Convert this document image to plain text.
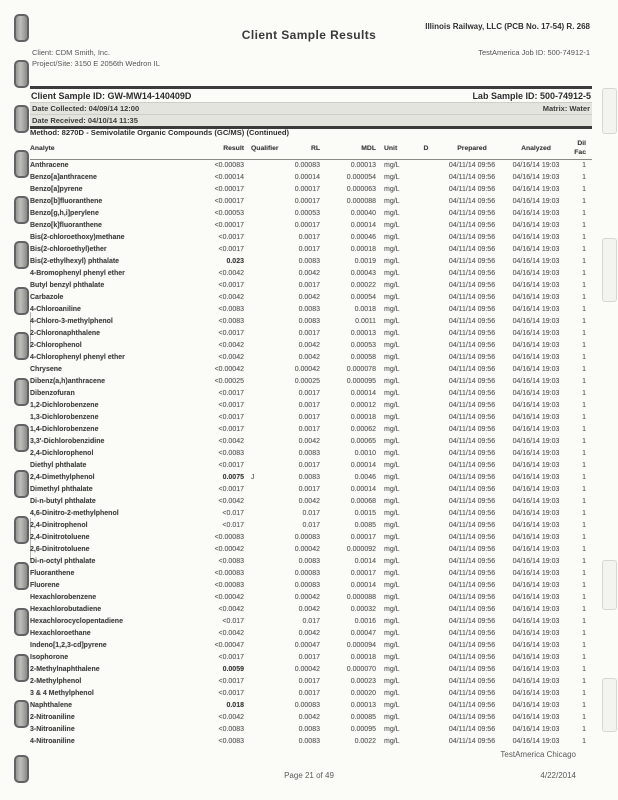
Illinois Railway, LLC (PCB No. 17-54) R. 268
Client Sample Results
Client: CDM Smith, Inc.	TestAmerica Job ID: 500-74912-1
Project/Site: 3150 E 2056th Wedron IL
Client Sample ID: GW-MW14-140409D	Lab Sample ID: 500-74912-5
Date Collected: 04/09/14 12:00	Matrix: Water
Date Received: 04/10/14 11:35
Method: 8270D - Semivolatile Organic Compounds (GC/MS) (Continued)
Analyte	Result	Qualifier	RL	MDL	Unit	D	Prepared	Analyzed	Dil Fac
Anthracene	<0.00083		0.00083	0.00013	mg/L		04/11/14 09:56	04/16/14 19:03	1
Benzo[a]anthracene	<0.00014		0.00014	0.000054	mg/L		04/11/14 09:56	04/16/14 19:03	1
Benzo[a]pyrene	<0.00017		0.00017	0.000063	mg/L		04/11/14 09:56	04/16/14 19:03	1
Benzo[b]fluoranthene	<0.00017		0.00017	0.000088	mg/L		04/11/14 09:56	04/16/14 19:03	1
Benzo[g,h,i]perylene	<0.00053		0.00053	0.00040	mg/L		04/11/14 09:56	04/16/14 19:03	1
Benzo[k]fluoranthene	<0.00017		0.00017	0.00014	mg/L		04/11/14 09:56	04/16/14 19:03	1
Bis(2-chloroethoxy)methane	<0.0017		0.0017	0.00046	mg/L		04/11/14 09:56	04/16/14 19:03	1
Bis(2-chloroethyl)ether	<0.0017		0.0017	0.00018	mg/L		04/11/14 09:56	04/16/14 19:03	1
Bis(2-ethylhexyl) phthalate	0.023		0.0083	0.0019	mg/L		04/11/14 09:56	04/16/14 19:03	1
4-Bromophenyl phenyl ether	<0.0042		0.0042	0.00043	mg/L		04/11/14 09:56	04/16/14 19:03	1
Butyl benzyl phthalate	<0.0017		0.0017	0.00022	mg/L		04/11/14 09:56	04/16/14 19:03	1
Carbazole	<0.0042		0.0042	0.00054	mg/L		04/11/14 09:56	04/16/14 19:03	1
4-Chloroaniline	<0.0083		0.0083	0.0018	mg/L		04/11/14 09:56	04/16/14 19:03	1
4-Chloro-3-methylphenol	<0.0083		0.0083	0.0011	mg/L		04/11/14 09:56	04/16/14 19:03	1
2-Chloronaphthalene	<0.0017		0.0017	0.00013	mg/L		04/11/14 09:56	04/16/14 19:03	1
2-Chlorophenol	<0.0042		0.0042	0.00053	mg/L		04/11/14 09:56	04/16/14 19:03	1
4-Chlorophenyl phenyl ether	<0.0042		0.0042	0.00058	mg/L		04/11/14 09:56	04/16/14 19:03	1
Chrysene	<0.00042		0.00042	0.000078	mg/L		04/11/14 09:56	04/16/14 19:03	1
Dibenz(a,h)anthracene	<0.00025		0.00025	0.000095	mg/L		04/11/14 09:56	04/16/14 19:03	1
Dibenzofuran	<0.0017		0.0017	0.00014	mg/L		04/11/14 09:56	04/16/14 19:03	1
1,2-Dichlorobenzene	<0.0017		0.0017	0.00012	mg/L		04/11/14 09:56	04/16/14 19:03	1
1,3-Dichlorobenzene	<0.0017		0.0017	0.00018	mg/L		04/11/14 09:56	04/16/14 19:03	1
1,4-Dichlorobenzene	<0.0017		0.0017	0.00062	mg/L		04/11/14 09:56	04/16/14 19:03	1
3,3'-Dichlorobenzidine	<0.0042		0.0042	0.00065	mg/L		04/11/14 09:56	04/16/14 19:03	1
2,4-Dichlorophenol	<0.0083		0.0083	0.0010	mg/L		04/11/14 09:56	04/16/14 19:03	1
Diethyl phthalate	<0.0017		0.0017	0.00014	mg/L		04/11/14 09:56	04/16/14 19:03	1
2,4-Dimethylphenol	0.0075	J	0.0083	0.0046	mg/L		04/11/14 09:56	04/16/14 19:03	1
Dimethyl phthalate	<0.0017		0.0017	0.00014	mg/L		04/11/14 09:56	04/16/14 19:03	1
Di-n-butyl phthalate	<0.0042		0.0042	0.00068	mg/L		04/11/14 09:56	04/16/14 19:03	1
4,6-Dinitro-2-methylphenol	<0.017		0.017	0.0015	mg/L		04/11/14 09:56	04/16/14 19:03	1
2,4-Dinitrophenol	<0.017		0.017	0.0085	mg/L		04/11/14 09:56	04/16/14 19:03	1
2,4-Dinitrotoluene	<0.00083		0.00083	0.00017	mg/L		04/11/14 09:56	04/16/14 19:03	1
2,6-Dinitrotoluene	<0.00042		0.00042	0.000092	mg/L		04/11/14 09:56	04/16/14 19:03	1
Di-n-octyl phthalate	<0.0083		0.0083	0.0014	mg/L		04/11/14 09:56	04/16/14 19:03	1
Fluoranthene	<0.00083		0.00083	0.00017	mg/L		04/11/14 09:56	04/16/14 19:03	1
Fluorene	<0.00083		0.00083	0.00014	mg/L		04/11/14 09:56	04/16/14 19:03	1
Hexachlorobenzene	<0.00042		0.00042	0.000088	mg/L		04/11/14 09:56	04/16/14 19:03	1
Hexachlorobutadiene	<0.0042		0.0042	0.00032	mg/L		04/11/14 09:56	04/16/14 19:03	1
Hexachlorocyclopentadiene	<0.017		0.017	0.0016	mg/L		04/11/14 09:56	04/16/14 19:03	1
Hexachloroethane	<0.0042		0.0042	0.00047	mg/L		04/11/14 09:56	04/16/14 19:03	1
Indeno[1,2,3-cd]pyrene	<0.00047		0.00047	0.000094	mg/L		04/11/14 09:56	04/16/14 19:03	1
Isophorone	<0.0017		0.0017	0.00018	mg/L		04/11/14 09:56	04/16/14 19:03	1
2-Methylnaphthalene	0.0059		0.00042	0.000070	mg/L		04/11/14 09:56	04/16/14 19:03	1
2-Methylphenol	<0.0017		0.0017	0.00023	mg/L		04/11/14 09:56	04/16/14 19:03	1
3 & 4 Methylphenol	<0.0017		0.0017	0.00020	mg/L		04/11/14 09:56	04/16/14 19:03	1
Naphthalene	0.018		0.00083	0.00013	mg/L		04/11/14 09:56	04/16/14 19:03	1
2-Nitroaniline	<0.0042		0.0042	0.00085	mg/L		04/11/14 09:56	04/16/14 19:03	1
3-Nitroaniline	<0.0083		0.0083	0.00095	mg/L		04/11/14 09:56	04/16/14 19:03	1
4-Nitroaniline	<0.0083		0.0083	0.0022	mg/L		04/11/14 09:56	04/16/14 19:03	1
TestAmerica Chicago
Page 21 of 49	4/22/2014
